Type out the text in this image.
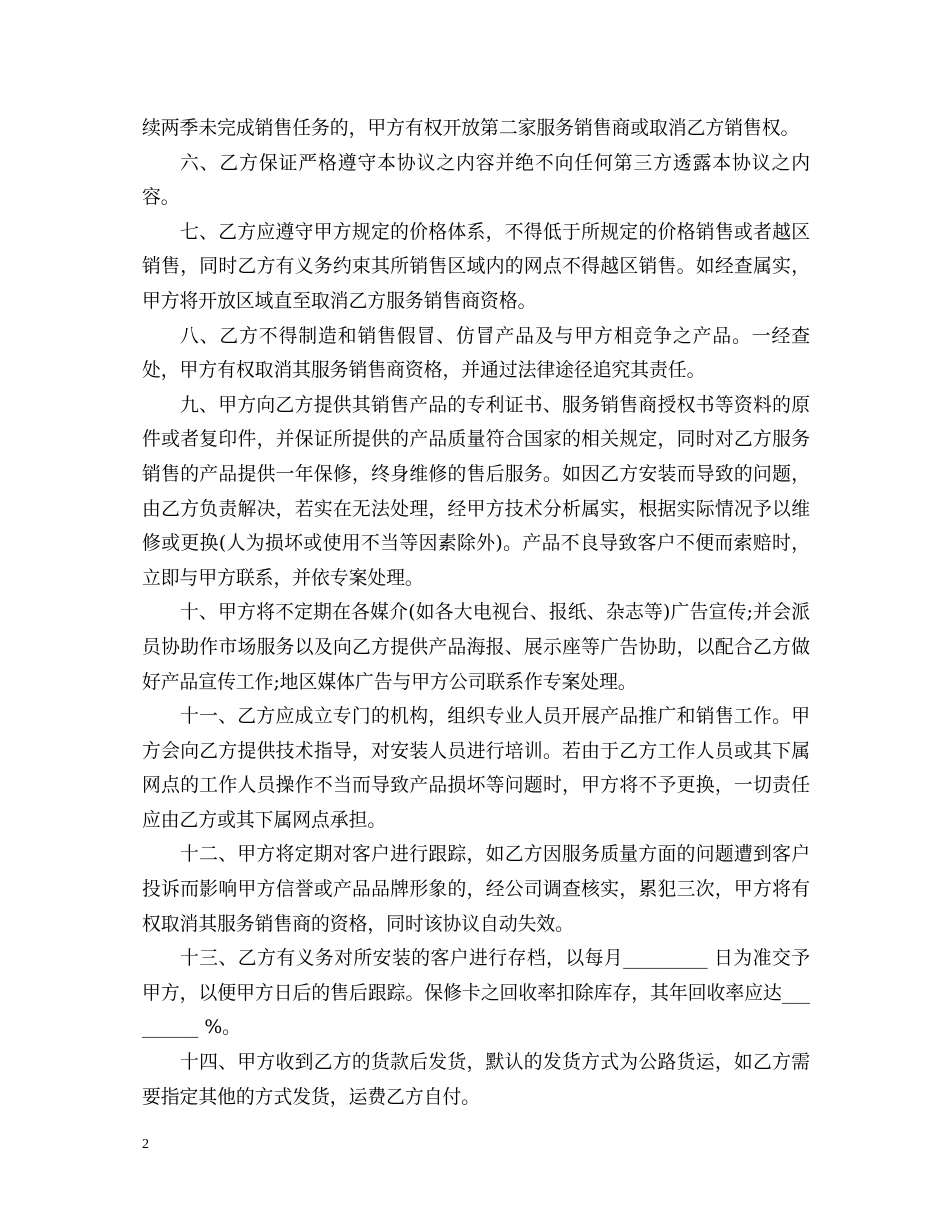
续两季未完成销售任务的，甲方有权开放第二家服务销售商或取消乙方销售权。

六、乙方保证严格遵守本协议之内容并绝不向任何第三方透露本协议之内容。

七、乙方应遵守甲方规定的价格体系，不得低于所规定的价格销售或者越区销售，同时乙方有义务约束其所销售区域内的网点不得越区销售。如经查属实，甲方将开放区域直至取消乙方服务销售商资格。

八、乙方不得制造和销售假冒、仿冒产品及与甲方相竞争之产品。一经查处，甲方有权取消其服务销售商资格，并通过法律途径追究其责任。

九、甲方向乙方提供其销售产品的专利证书、服务销售商授权书等资料的原件或者复印件，并保证所提供的产品质量符合国家的相关规定，同时对乙方服务销售的产品提供一年保修，终身维修的售后服务。如因乙方安装而导致的问题，由乙方负责解决，若实在无法处理，经甲方技术分析属实，根据实际情况予以维修或更换(人为损坏或使用不当等因素除外)。产品不良导致客户不便而索赔时，立即与甲方联系，并依专案处理。

十、甲方将不定期在各媒介(如各大电视台、报纸、杂志等)广告宣传;并会派员协助作市场服务以及向乙方提供产品海报、展示座等广告协助，以配合乙方做好产品宣传工作;地区媒体广告与甲方公司联系作专案处理。

十一、乙方应成立专门的机构，组织专业人员开展产品推广和销售工作。甲方会向乙方提供技术指导，对安装人员进行培训。若由于乙方工作人员或其下属网点的工作人员操作不当而导致产品损坏等问题时，甲方将不予更换，一切责任应由乙方或其下属网点承担。

十二、甲方将定期对客户进行跟踪，如乙方因服务质量方面的问题遭到客户投诉而影响甲方信誉或产品品牌形象的，经公司调查核实，累犯三次，甲方将有权取消其服务销售商的资格，同时该协议自动失效。

十三、乙方有义务对所安装的客户进行存档，以每月_________ 日为准交予甲方，以便甲方日后的售后跟踪。保修卡之回收率扣除库存，其年回收率应达_________ %。

十四、甲方收到乙方的货款后发货，默认的发货方式为公路货运，如乙方需要指定其他的方式发货，运费乙方自付。

2
